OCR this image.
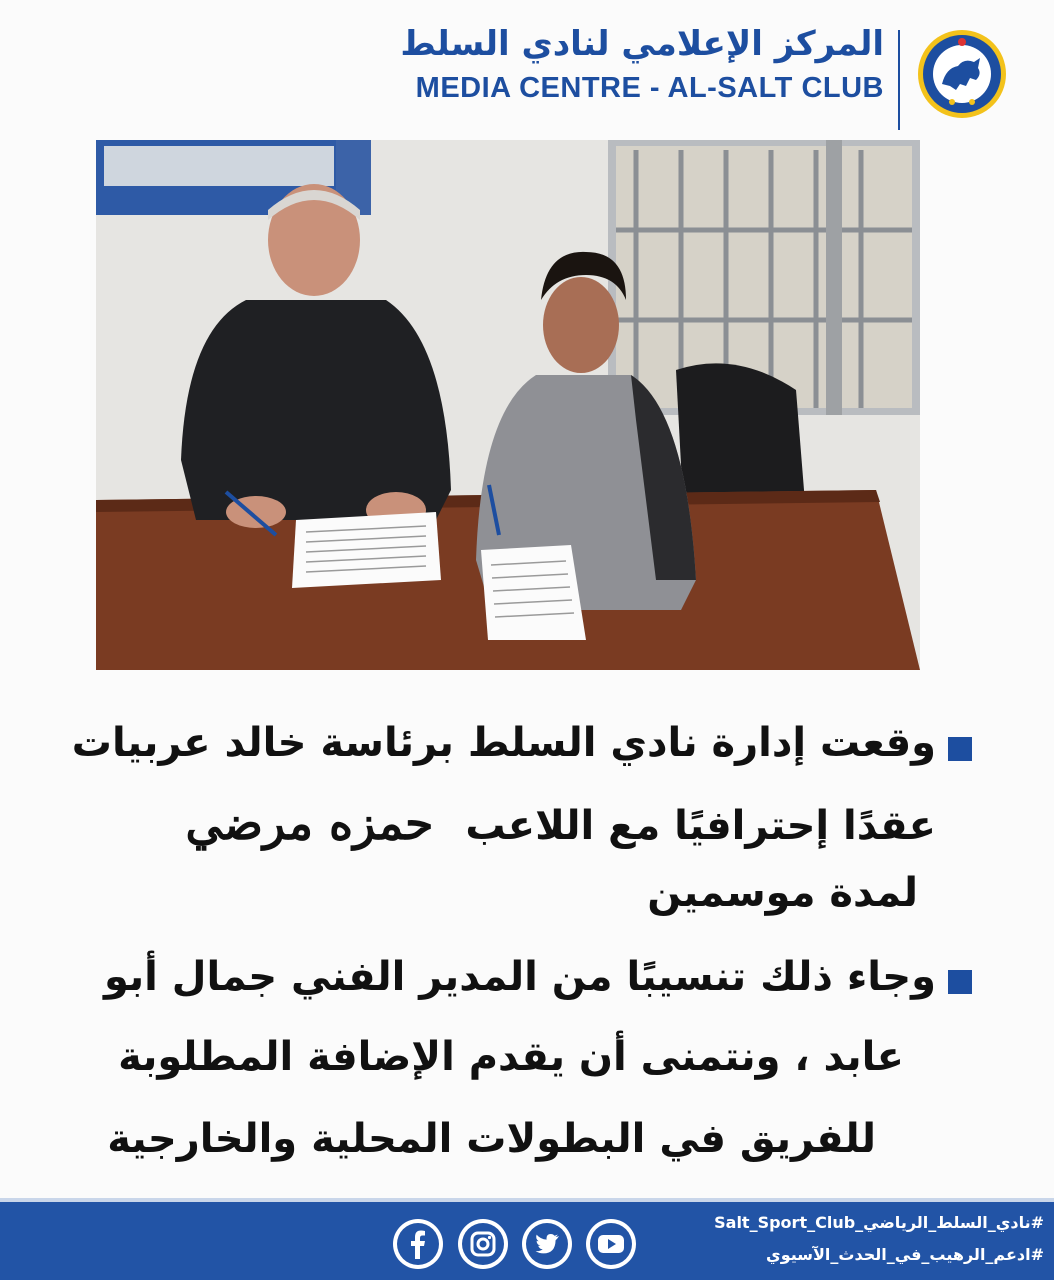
المركز الإعلامي لنادي السلط
MEDIA CENTRE - AL-SALT CLUB
وقعت إدارة نادي السلط برئاسة خالد عربيات
عقدًا إحترافيًا مع اللاعب حمزه مرضي
لمدة موسمين
وجاء ذلك تنسيبًا من المدير الفني جمال أبو
عابد ، ونتمنى أن يقدم الإضافة المطلوبة
للفريق في البطولات المحلية والخارجية
#نادي_السلط_الرياضي_Salt_Sport_Club
#ادعم_الرهيب_في_الحدث_الآسيوي
